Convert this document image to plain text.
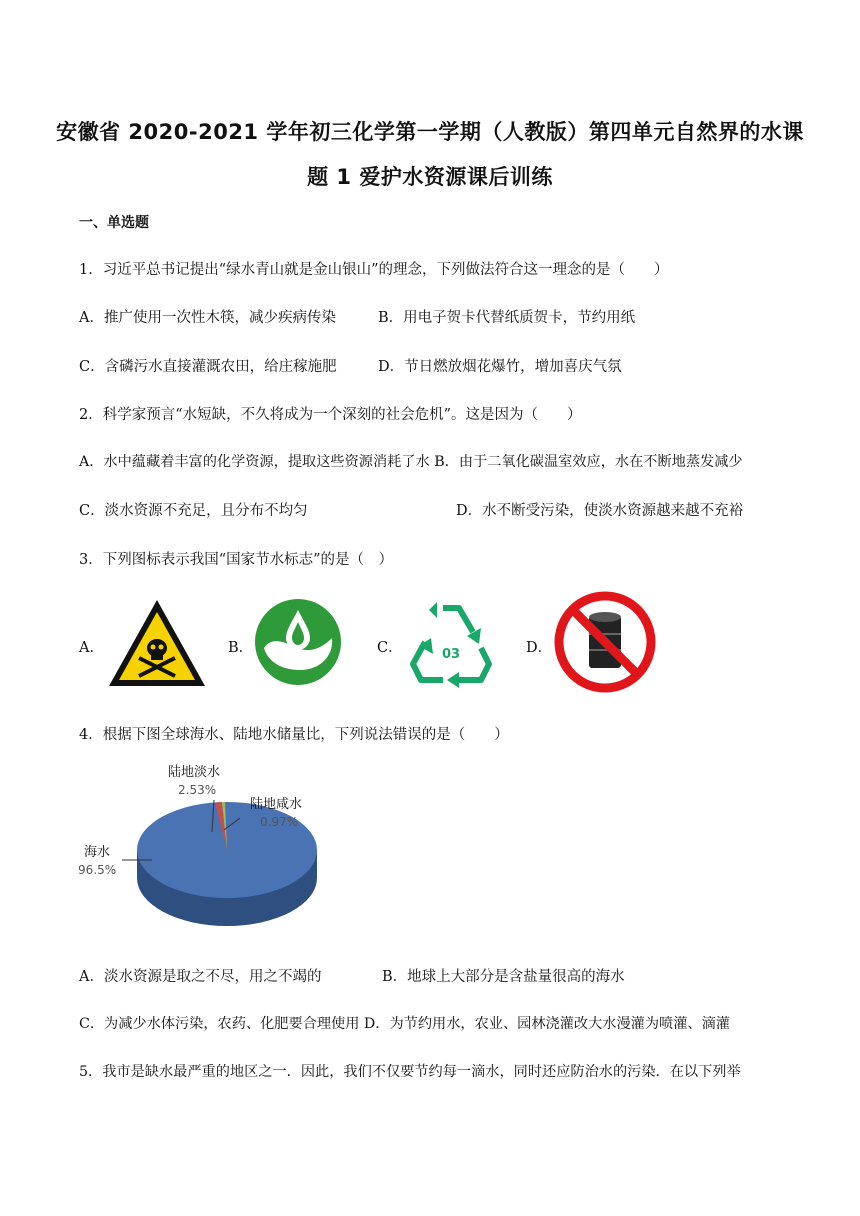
安徽省 2020-2021 学年初三化学第一学期（人教版）第四单元自然界的水课
题 1 爱护水资源课后训练
一、单选题
1．习近平总书记提出“绿水青山就是金山银山”的理念，下列做法符合这一理念的是（　　）
A．推广使用一次性木筷，减少疾病传染	B．用电子贺卡代替纸质贺卡，节约用纸
C．含磷污水直接灌溉农田，给庄稼施肥	D．节日燃放烟花爆竹，增加喜庆气氛
2．科学家预言“水短缺，不久将成为一个深刻的社会危机”。这是因为（　　）
A．水中蕴藏着丰富的化学资源，提取这些资源消耗了水 B．由于二氧化碳温室效应，水在不断地蒸发减少
C．淡水资源不充足，且分布不均匀	D．水不断受污染，使淡水资源越来越不充裕
3．下列图标表示我国“国家节水标志”的是（　）
A．	B．	C．	03	D．
4．根据下图全球海水、陆地水储量比，下列说法错误的是（　　）
陆地淡水
2.53%
陆地咸水
0.97%
海水
96.5%
A．淡水资源是取之不尽，用之不竭的	B．地球上大部分是含盐量很高的海水
C．为减少水体污染，农药、化肥要合理使用 D．为节约用水，农业、园林浇灌改大水漫灌为喷灌、滴灌
5．我市是缺水最严重的地区之一．因此，我们不仅要节约每一滴水，同时还应防治水的污染．在以下列举
